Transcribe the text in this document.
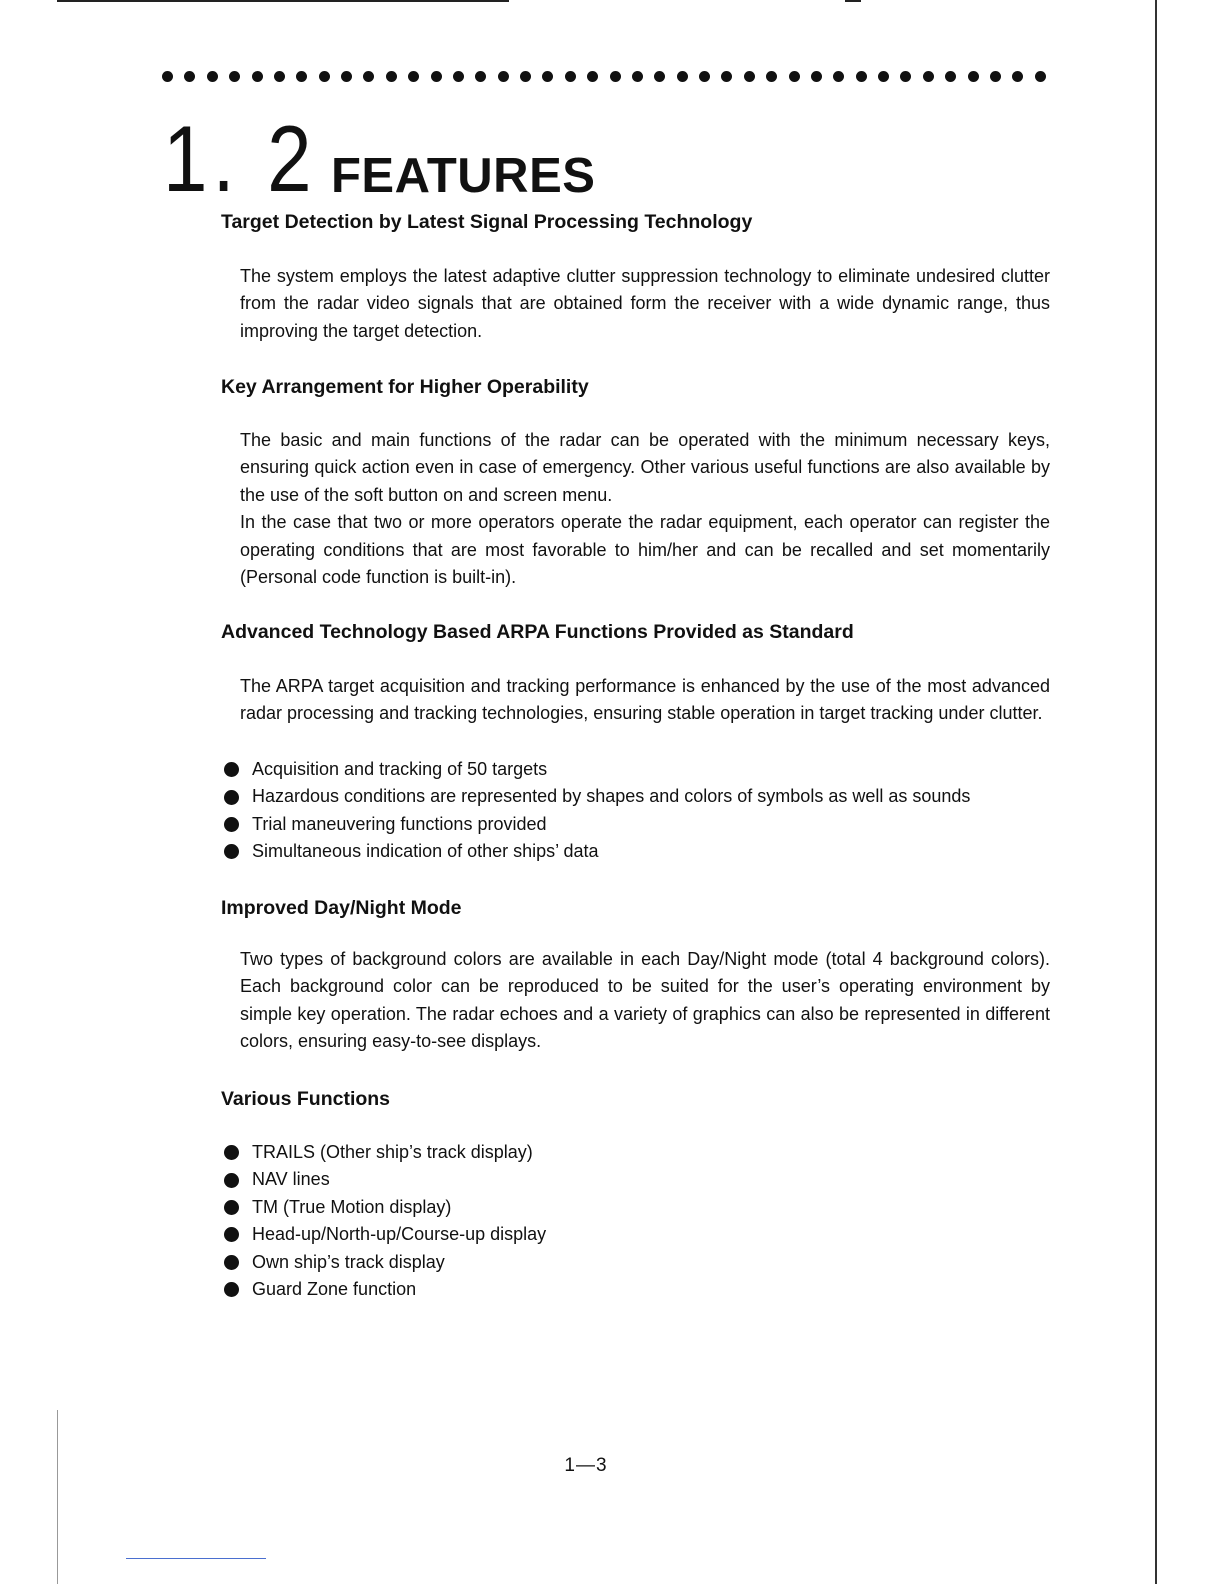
1. 2 FEATURES
Target Detection by Latest Signal Processing Technology

The system employs the latest adaptive clutter suppression technology to eliminate undesired clutter from the radar video signals that are obtained form the receiver with a wide dynamic range, thus improving the target detection.

Key Arrangement for Higher Operability

The basic and main functions of the radar can be operated with the minimum necessary keys, ensuring quick action even in case of emergency. Other various useful functions are also available by the use of the soft button on and screen menu.

In the case that two or more operators operate the radar equipment, each operator can register the operating conditions that are most favorable to him/her and can be recalled and set momentarily (Personal code function is built-in).

Advanced Technology Based ARPA Functions Provided as Standard

The ARPA target acquisition and tracking performance is enhanced by the use of the most advanced radar processing and tracking technologies, ensuring stable operation in target tracking under clutter.

Acquisition and tracking of 50 targets
Hazardous conditions are represented by shapes and colors of symbols as well as sounds
Trial maneuvering functions provided
Simultaneous indication of other ships’ data
Improved Day/Night Mode

Two types of background colors are available in each Day/Night mode (total 4 background colors). Each background color can be reproduced to be suited for the user’s operating environment by simple key operation. The radar echoes and a variety of graphics can also be represented in different colors, ensuring easy-to-see displays.

Various Functions
TRAILS (Other ship’s track display)
NAV lines
TM (True Motion display)
Head-up/North-up/Course-up display
Own ship’s track display
Guard Zone function
1—3
